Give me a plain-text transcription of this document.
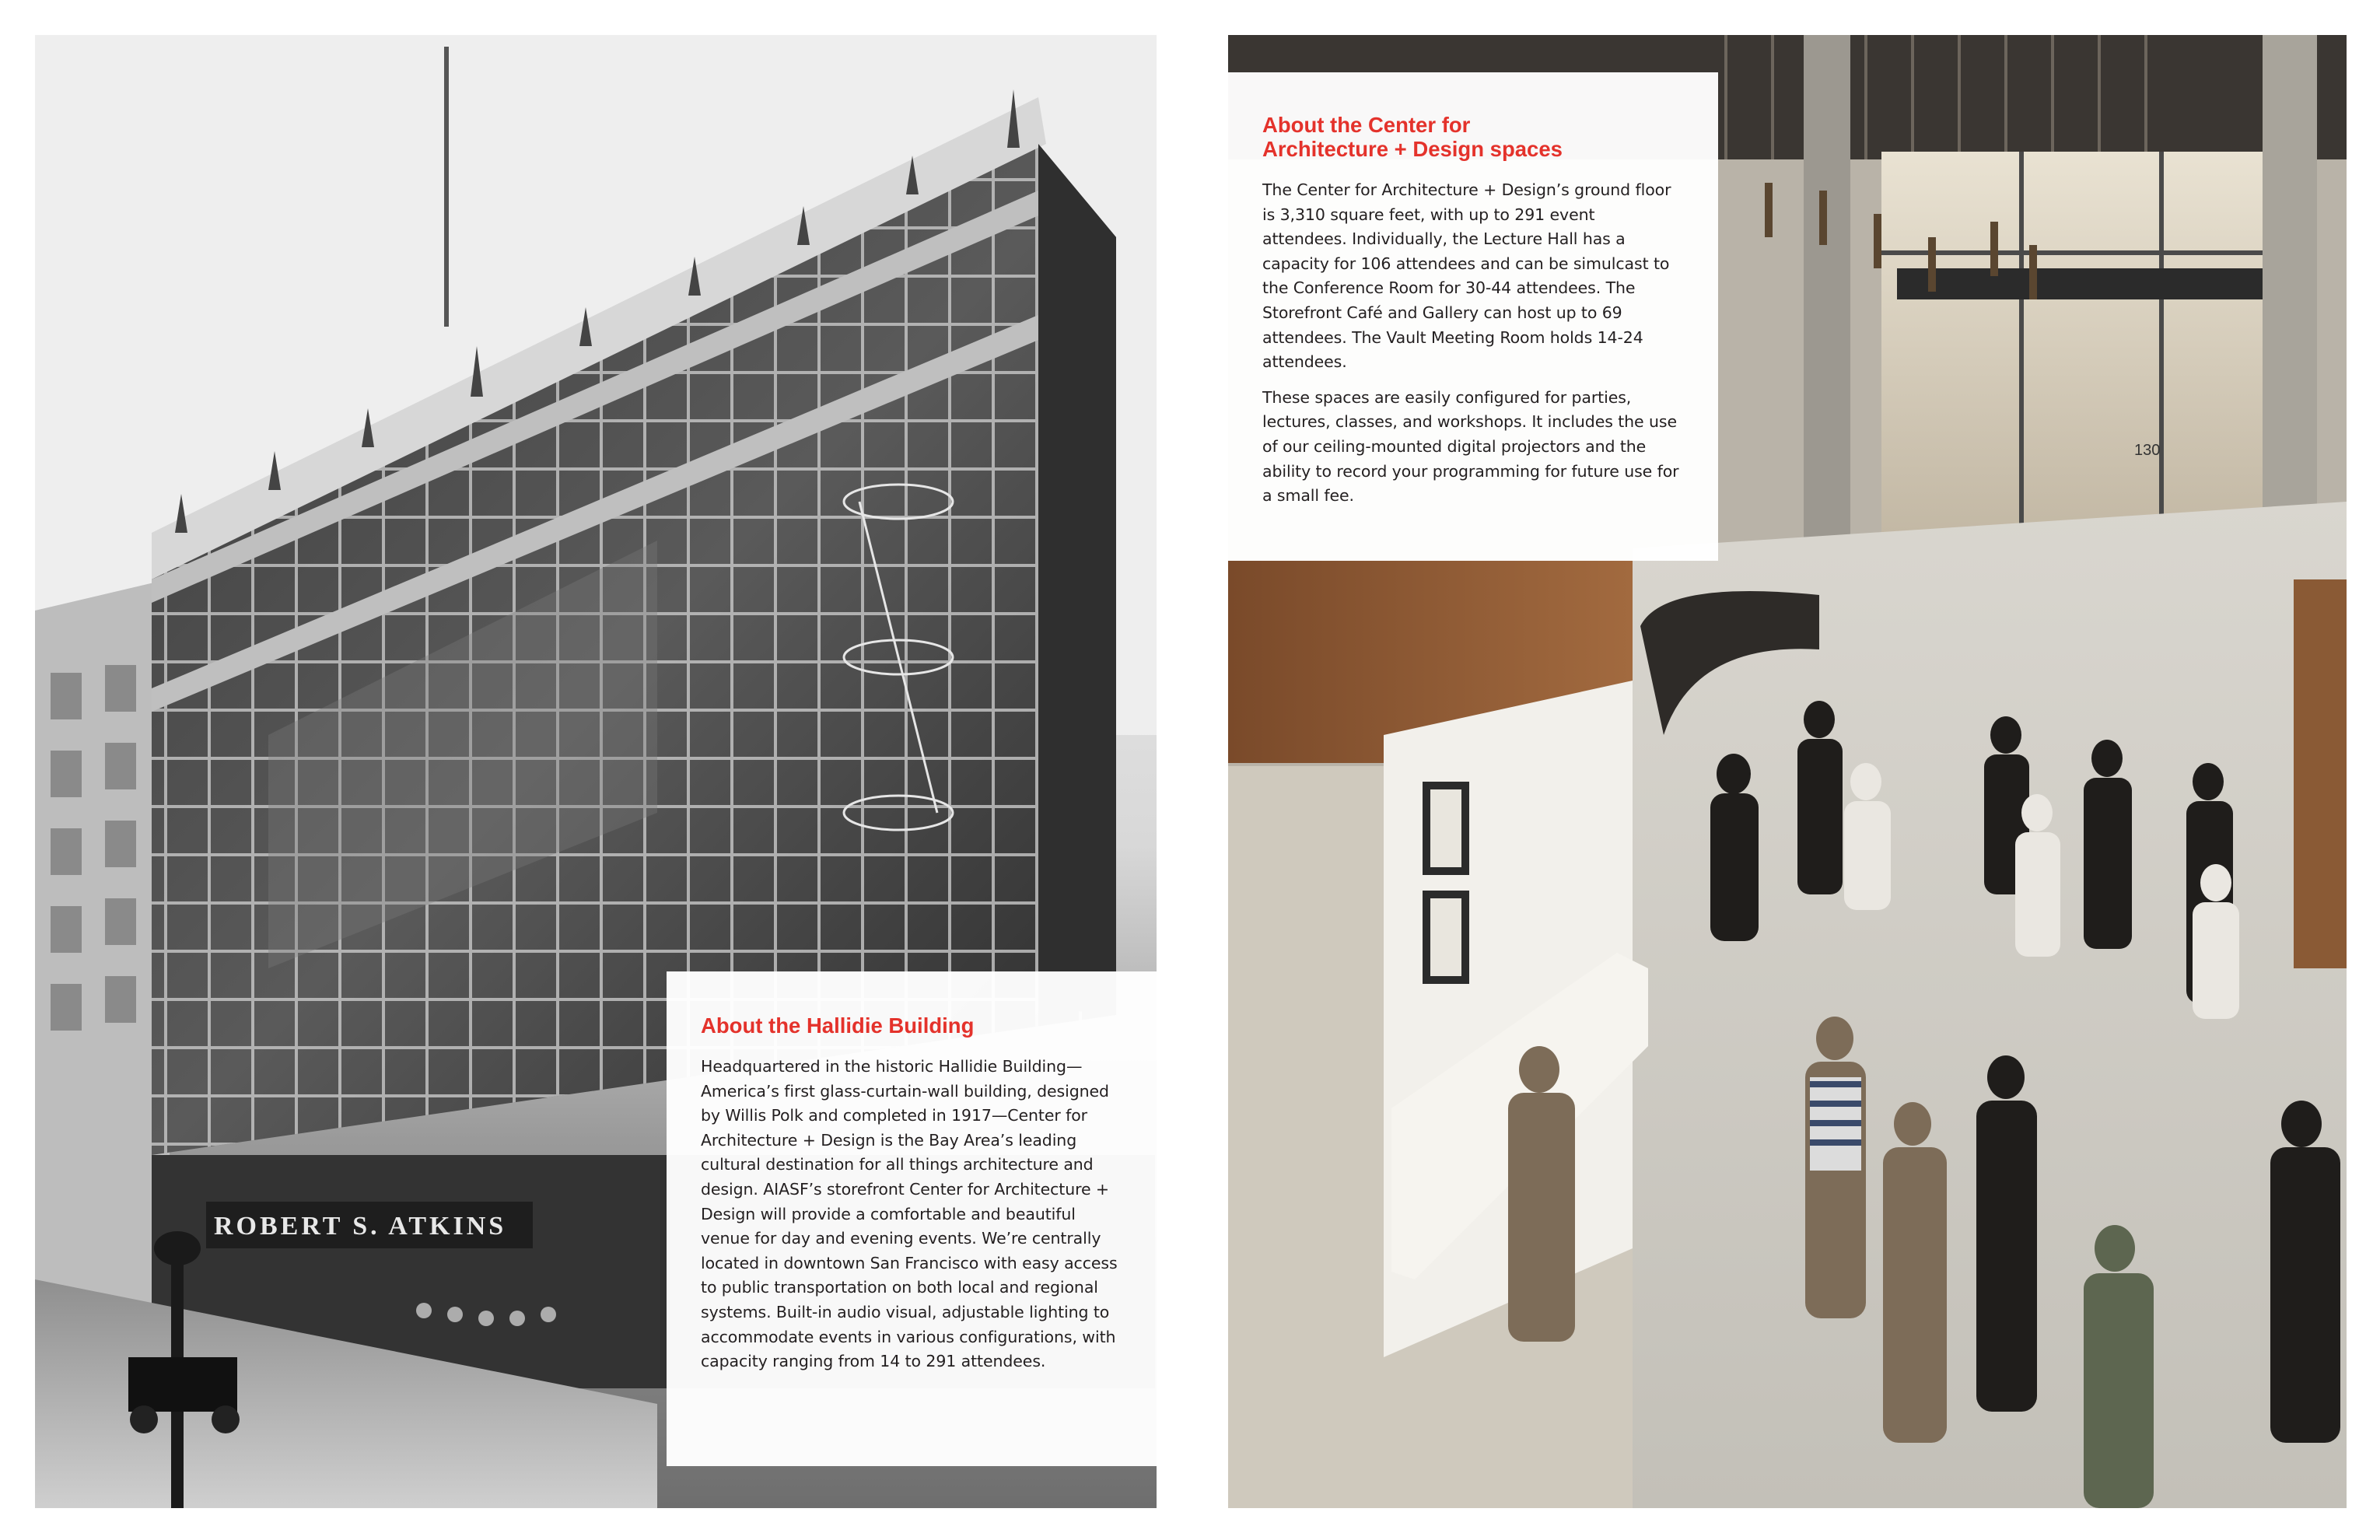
ROBERT S. ATKINS
About the Hallidie Building

Headquartered in the historic Hallidie Building—America’s first glass-curtain-wall building, designed by Willis Polk and completed in 1917—Center for Architecture + Design is the Bay Area’s leading cultural destination for all things architecture and design. AIASF’s storefront Center for Architecture + Design will provide a comfortable and beautiful venue for day and evening events. We’re centrally located in downtown San Francisco with easy access to public transportation on both local and regional systems. Built-in audio visual, adjustable lighting to accommodate events in various configurations, with capacity ranging from 14 to 291 attendees.

130
About the Center for
Architecture + Design spaces

The Center for Architecture + Design’s ground floor is 3,310 square feet, with up to 291 event attendees. Individually, the Lecture Hall has a capacity for 106 attendees and can be simulcast to the Conference Room for 30-44 attendees. The Storefront Café and Gallery can host up to 69 attendees. The Vault Meeting Room holds 14-24 attendees.

These spaces are easily configured for parties, lectures, classes, and workshops. It includes the use of our ceiling-mounted digital projectors and the ability to record your programming for future use for a small fee.
